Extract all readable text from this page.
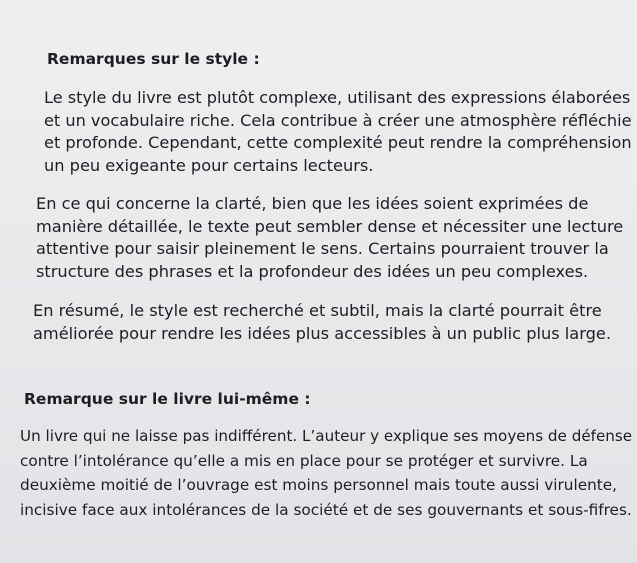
Remarques sur le style :
Le style du livre est plutôt complexe, utilisant des expressions élaborées
et un vocabulaire riche. Cela contribue à créer une atmosphère réfléchie
et profonde. Cependant, cette complexité peut rendre la compréhension
un peu exigeante pour certains lecteurs.
En ce qui concerne la clarté, bien que les idées soient exprimées de
manière détaillée, le texte peut sembler dense et nécessiter une lecture
attentive pour saisir pleinement le sens. Certains pourraient trouver la
structure des phrases et la profondeur des idées un peu complexes.
En résumé, le style est recherché et subtil, mais la clarté pourrait être
améliorée pour rendre les idées plus accessibles à un public plus large.
Remarque sur le livre lui-même :
Un livre qui ne laisse pas indifférent. L’auteur y explique ses moyens de défense
contre l’intolérance qu’elle a mis en place pour se protéger et survivre. La
deuxième moitié de l’ouvrage est moins personnel mais toute aussi virulente,
incisive face aux intolérances de la société et de ses gouvernants et sous-fifres.
